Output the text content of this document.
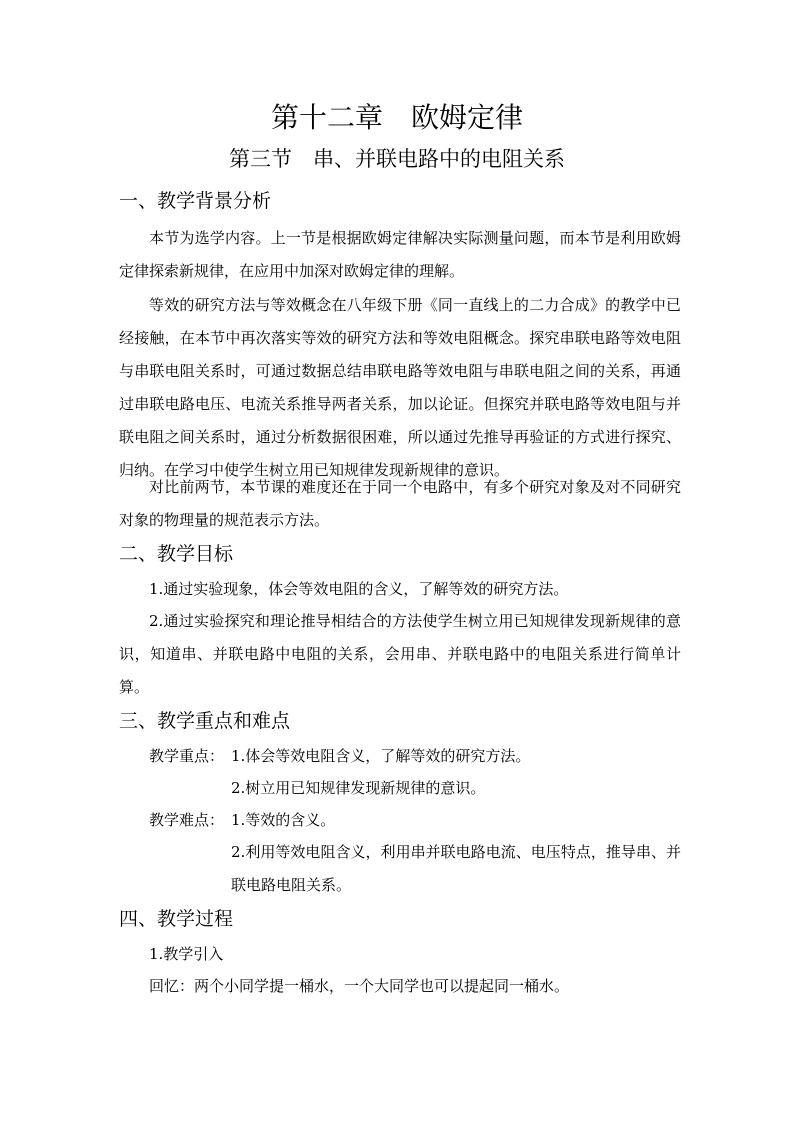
第十二章　欧姆定律
第三节　串、并联电路中的电阻关系
一、教学背景分析

本节为选学内容。上一节是根据欧姆定律解决实际测量问题，而本节是利用欧姆定律探索新规律，在应用中加深对欧姆定律的理解。

等效的研究方法与等效概念在八年级下册《同一直线上的二力合成》的教学中已经接触，在本节中再次落实等效的研究方法和等效电阻概念。探究串联电路等效电阻与串联电阻关系时，可通过数据总结串联电路等效电阻与串联电阻之间的关系，再通过串联电路电压、电流关系推导两者关系，加以论证。但探究并联电路等效电阻与并联电阻之间关系时，通过分析数据很困难，所以通过先推导再验证的方式进行探究、归纳。在学习中使学生树立用已知规律发现新规律的意识。

对比前两节，本节课的难度还在于同一个电路中，有多个研究对象及对不同研究对象的物理量的规范表示方法。

二、教学目标

1.通过实验现象，体会等效电阻的含义，了解等效的研究方法。

2.通过实验探究和理论推导相结合的方法使学生树立用已知规律发现新规律的意识，知道串、并联电路中电阻的关系，会用串、并联电路中的电阻关系进行简单计算。

三、教学重点和难点
教学重点： 1.体会等效电阻含义，了解等效的研究方法。
2.树立用已知规律发现新规律的意识。
教学难点： 1.等效的含义。

2.利用等效电阻含义，利用串并联电路电流、电压特点，推导串、并联电路电阻关系。

四、教学过程
1.教学引入
回忆：两个小同学提一桶水，一个大同学也可以提起同一桶水。
